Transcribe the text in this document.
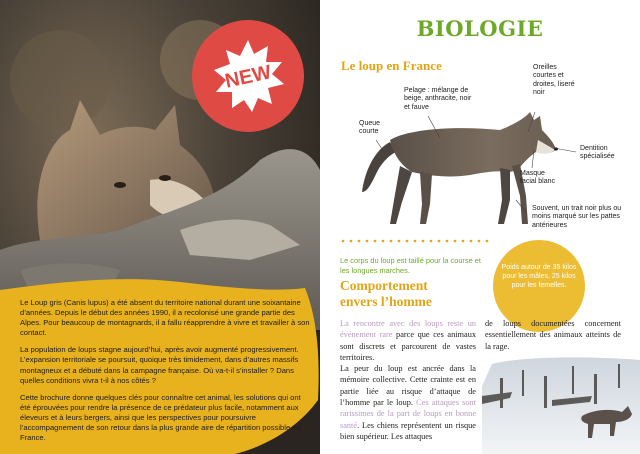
Le Loup gris (Canis lupus) a été absent du territoire national durant une soixantaine d’années. Depuis le début des années 1990, il a recolonisé une grande partie des Alpes. Pour beaucoup de montagnards, il a fallu réapprendre à vivre et travailler à son contact.

La population de loups stagne aujourd’hui, après avoir augmenté progressivement. L’expansion territoriale se poursuit, quoique très timidement, dans d’autres massifs montagneux et a débuté dans la campagne française. Où va-t-il s’installer ? Dans quelles conditions vivra t-il à nos côtés ?

Cette brochure donne quelques clés pour connaître cet animal, les solutions qui ont été éprouvées pour rendre la présence de ce prédateur plus facile, notamment aux éleveurs et à leurs bergers, ainsi que les perspectives pour poursuivre l’accompagnement de son retour dans la plus grande aire de répartition possible en France.

NEW
BIOLOGIE
Le loup en France
Pelage : mélange de beige, anthracite, noir et fauve
Oreilles courtes et droites, liseré noir
Queue courte
Dentition spécialisée
Masque facial blanc
Souvent, un trait noir plus ou moins marqué sur les pattes antérieures
Le corps du loup est taillé pour la course et les longues marches.
Comportement
envers l’homme
Poids autour de 35 kilos pour les mâles, 25 kilos pour les femelles.
La rencontre avec des loups reste un événement rare parce que ces animaux sont discrets et parcourent de vastes territoires.
La peur du loup est ancrée dans la mémoire collective. Cette crainte est en partie liée au risque d’attaque de l’homme par le loup. Ces attaques sont rarissimes de la part de loups en bonne santé. Les chiens représentent un risque bien supérieur. Les attaques
de loups documentées concernent essentiellement des animaux atteints de la rage.
